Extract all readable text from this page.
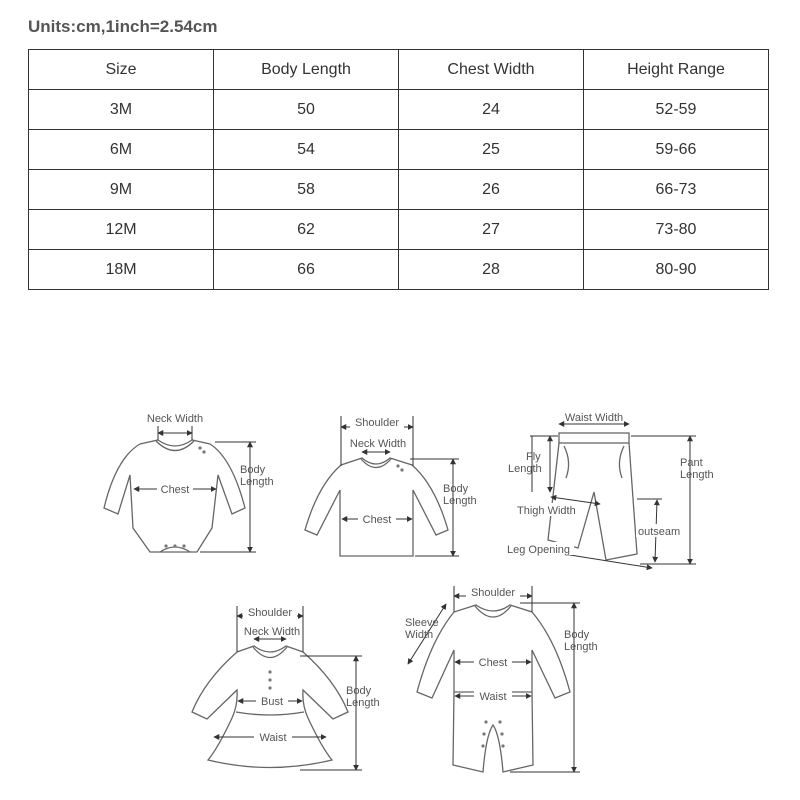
Units:cm,1inch=2.54cm
Size	Body Length	Chest Width	Height Range
3M	50	24	52-59
6M	54	25	59-66
9M	58	26	66-73
12M	62	27	73-80
18M	66	28	80-90
Neck Width
Chest
Body
Length
Shoulder
Neck Width
Chest
Body
Length
Waist Width
Fly
Length
Thigh Width
Leg Opening
outseam
Pant
Length
Shoulder
Neck Width
Bust
Waist
Body
Length
Shoulder
Sleeve
Width
Chest
Waist
Body
Length
